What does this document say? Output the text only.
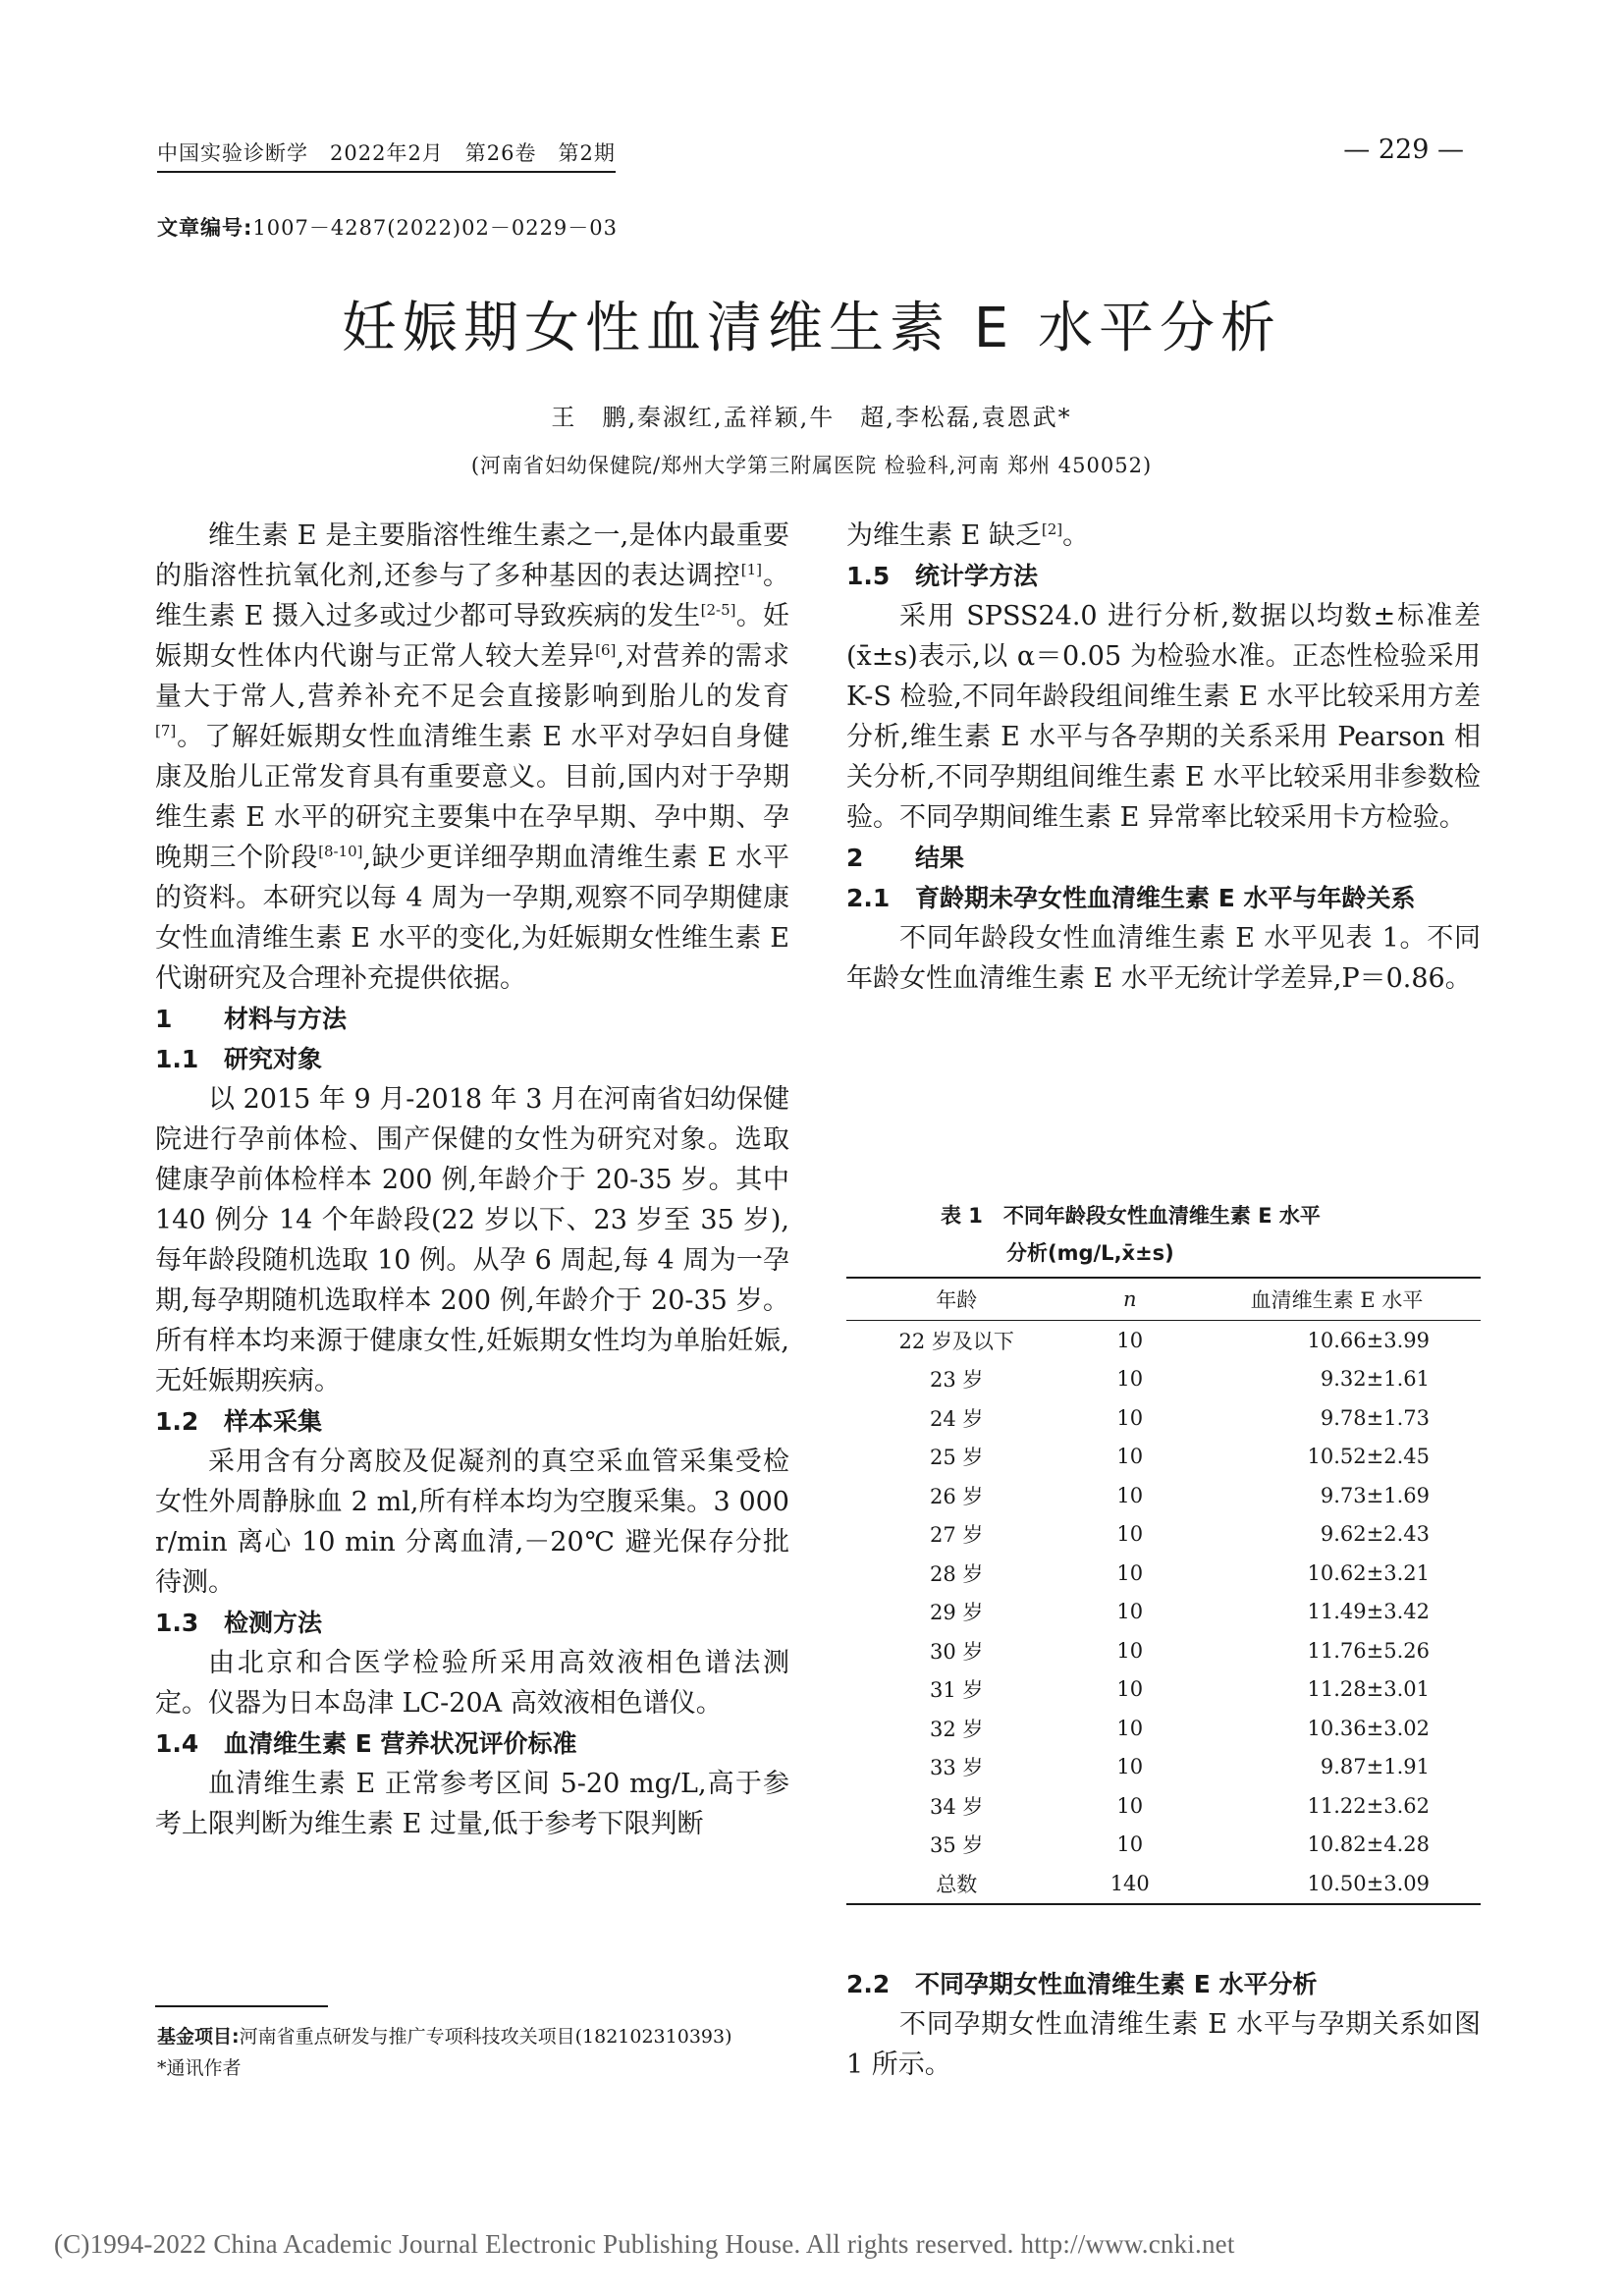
中国实验诊断学　2022年2月　第26卷　第2期	— 229 —
文章编号:1007－4287(2022)02－0229－03
妊娠期女性血清维生素 E 水平分析
王　鹏,秦淑红,孟祥颖,牛　超,李松磊,袁恩武*
(河南省妇幼保健院/郑州大学第三附属医院 检验科,河南 郑州 450052)

维生素 E 是主要脂溶性维生素之一,是体内最重要的脂溶性抗氧化剂,还参与了多种基因的表达调控[1]。维生素 E 摄入过多或过少都可导致疾病的发生[2-5]。妊娠期女性体内代谢与正常人较大差异[6],对营养的需求量大于常人,营养补充不足会直接影响到胎儿的发育[7]。了解妊娠期女性血清维生素 E 水平对孕妇自身健康及胎儿正常发育具有重要意义。目前,国内对于孕期维生素 E 水平的研究主要集中在孕早期、孕中期、孕晚期三个阶段[8-10],缺少更详细孕期血清维生素 E 水平的资料。本研究以每 4 周为一孕期,观察不同孕期健康女性血清维生素 E 水平的变化,为妊娠期女性维生素 E 代谢研究及合理补充提供依据。

1 材料与方法
1.1 研究对象

以 2015 年 9 月-2018 年 3 月在河南省妇幼保健院进行孕前体检、围产保健的女性为研究对象。选取健康孕前体检样本 200 例,年龄介于 20-35 岁。其中 140 例分 14 个年龄段(22 岁以下、23 岁至 35 岁),每年龄段随机选取 10 例。从孕 6 周起,每 4 周为一孕期,每孕期随机选取样本 200 例,年龄介于 20-35 岁。所有样本均来源于健康女性,妊娠期女性均为单胎妊娠,无妊娠期疾病。

1.2 样本采集

采用含有分离胶及促凝剂的真空采血管采集受检女性外周静脉血 2 ml,所有样本均为空腹采集。3 000 r/min 离心 10 min 分离血清,－20℃ 避光保存分批待测。

1.3 检测方法

由北京和合医学检验所采用高效液相色谱法测定。仪器为日本岛津 LC-20A 高效液相色谱仪。

1.4 血清维生素 E 营养状况评价标准

血清维生素 E 正常参考区间 5-20 mg/L,高于参考上限判断为维生素 E 过量,低于参考下限判断

基金项目:河南省重点研发与推广专项科技攻关项目(182102310393)
*通讯作者

为维生素 E 缺乏[2]。

1.5 统计学方法

采用 SPSS24.0 进行分析,数据以均数±标准差(x̄±s)表示,以 α＝0.05 为检验水准。正态性检验采用 K-S 检验,不同年龄段组间维生素 E 水平比较采用方差分析,维生素 E 水平与各孕期的关系采用 Pearson 相关分析,不同孕期组间维生素 E 水平比较采用非参数检验。不同孕期间维生素 E 异常率比较采用卡方检验。

2 结果
2.1 育龄期未孕女性血清维生素 E 水平与年龄关系

不同年龄段女性血清维生素 E 水平见表 1。不同年龄女性血清维生素 E 水平无统计学差异,P＝0.86。

表 1　不同年龄段女性血清维生素 E 水平
分析(mg/L,x̄±s)
年龄	n	血清维生素 E 水平
22 岁及以下	10	10.66±3.99
23 岁	10	9.32±1.61
24 岁	10	9.78±1.73
25 岁	10	10.52±2.45
26 岁	10	9.73±1.69
27 岁	10	9.62±2.43
28 岁	10	10.62±3.21
29 岁	10	11.49±3.42
30 岁	10	11.76±5.26
31 岁	10	11.28±3.01
32 岁	10	10.36±3.02
33 岁	10	9.87±1.91
34 岁	10	11.22±3.62
35 岁	10	10.82±4.28
总数	140	10.50±3.09
2.2 不同孕期女性血清维生素 E 水平分析

不同孕期女性血清维生素 E 水平与孕期关系如图 1 所示。

(C)1994-2022 China Academic Journal Electronic Publishing House. All rights reserved. http://www.cnki.net
